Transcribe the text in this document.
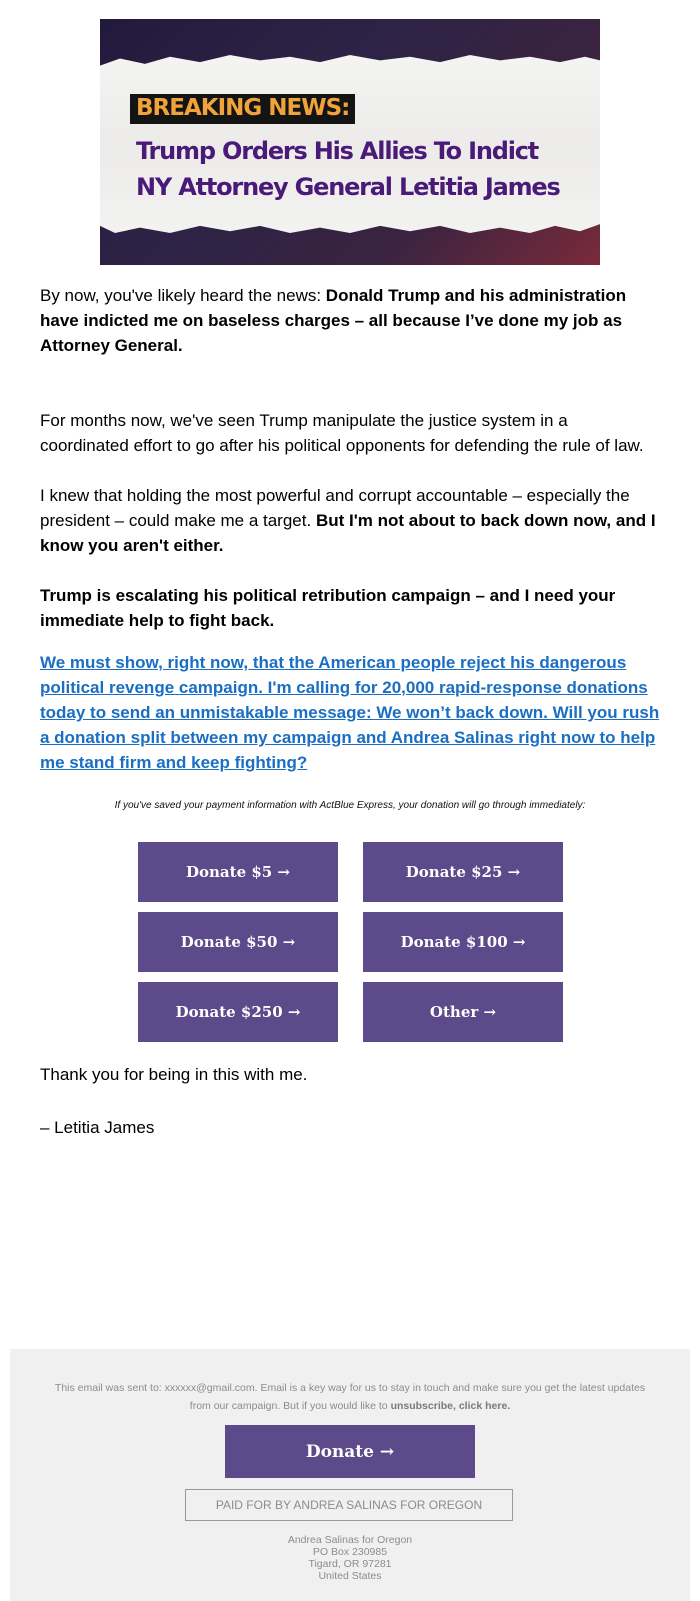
BREAKING NEWS:
Trump Orders His Allies To Indict
NY Attorney General Letitia James

By now, you've likely heard the news: Donald Trump and his administration have indicted me on baseless charges – all because I’ve done my job as Attorney General.

For months now, we've seen Trump manipulate the justice system in a coordinated effort to go after his political opponents for defending the rule of law.

I knew that holding the most powerful and corrupt accountable – especially the president – could make me a target. But I'm not about to back down now, and I know you aren't either.

Trump is escalating his political retribution campaign – and I need your immediate help to fight back.

We must show, right now, that the American people reject his dangerous political revenge campaign. I'm calling for 20,000 rapid-response donations today to send an unmistakable message: We won’t back down. Will you rush a donation split between my campaign and Andrea Salinas right now to help me stand firm and keep fighting?

If you've saved your payment information with ActBlue Express, your donation will go through immediately:
Donate $5 →	Donate $25 →
Donate $50 →	Donate $100 →
Donate $250 →	Other →
Thank you for being in this with me.
– Letitia James
This email was sent to: xxxxxx@gmail.com. Email is a key way for us to stay in touch and make sure you get the latest updates from our campaign. But if you would like to unsubscribe, click here.
Donate →
PAID FOR BY ANDREA SALINAS FOR OREGON
Andrea Salinas for Oregon
PO Box 230985
Tigard, OR 97281
United States
